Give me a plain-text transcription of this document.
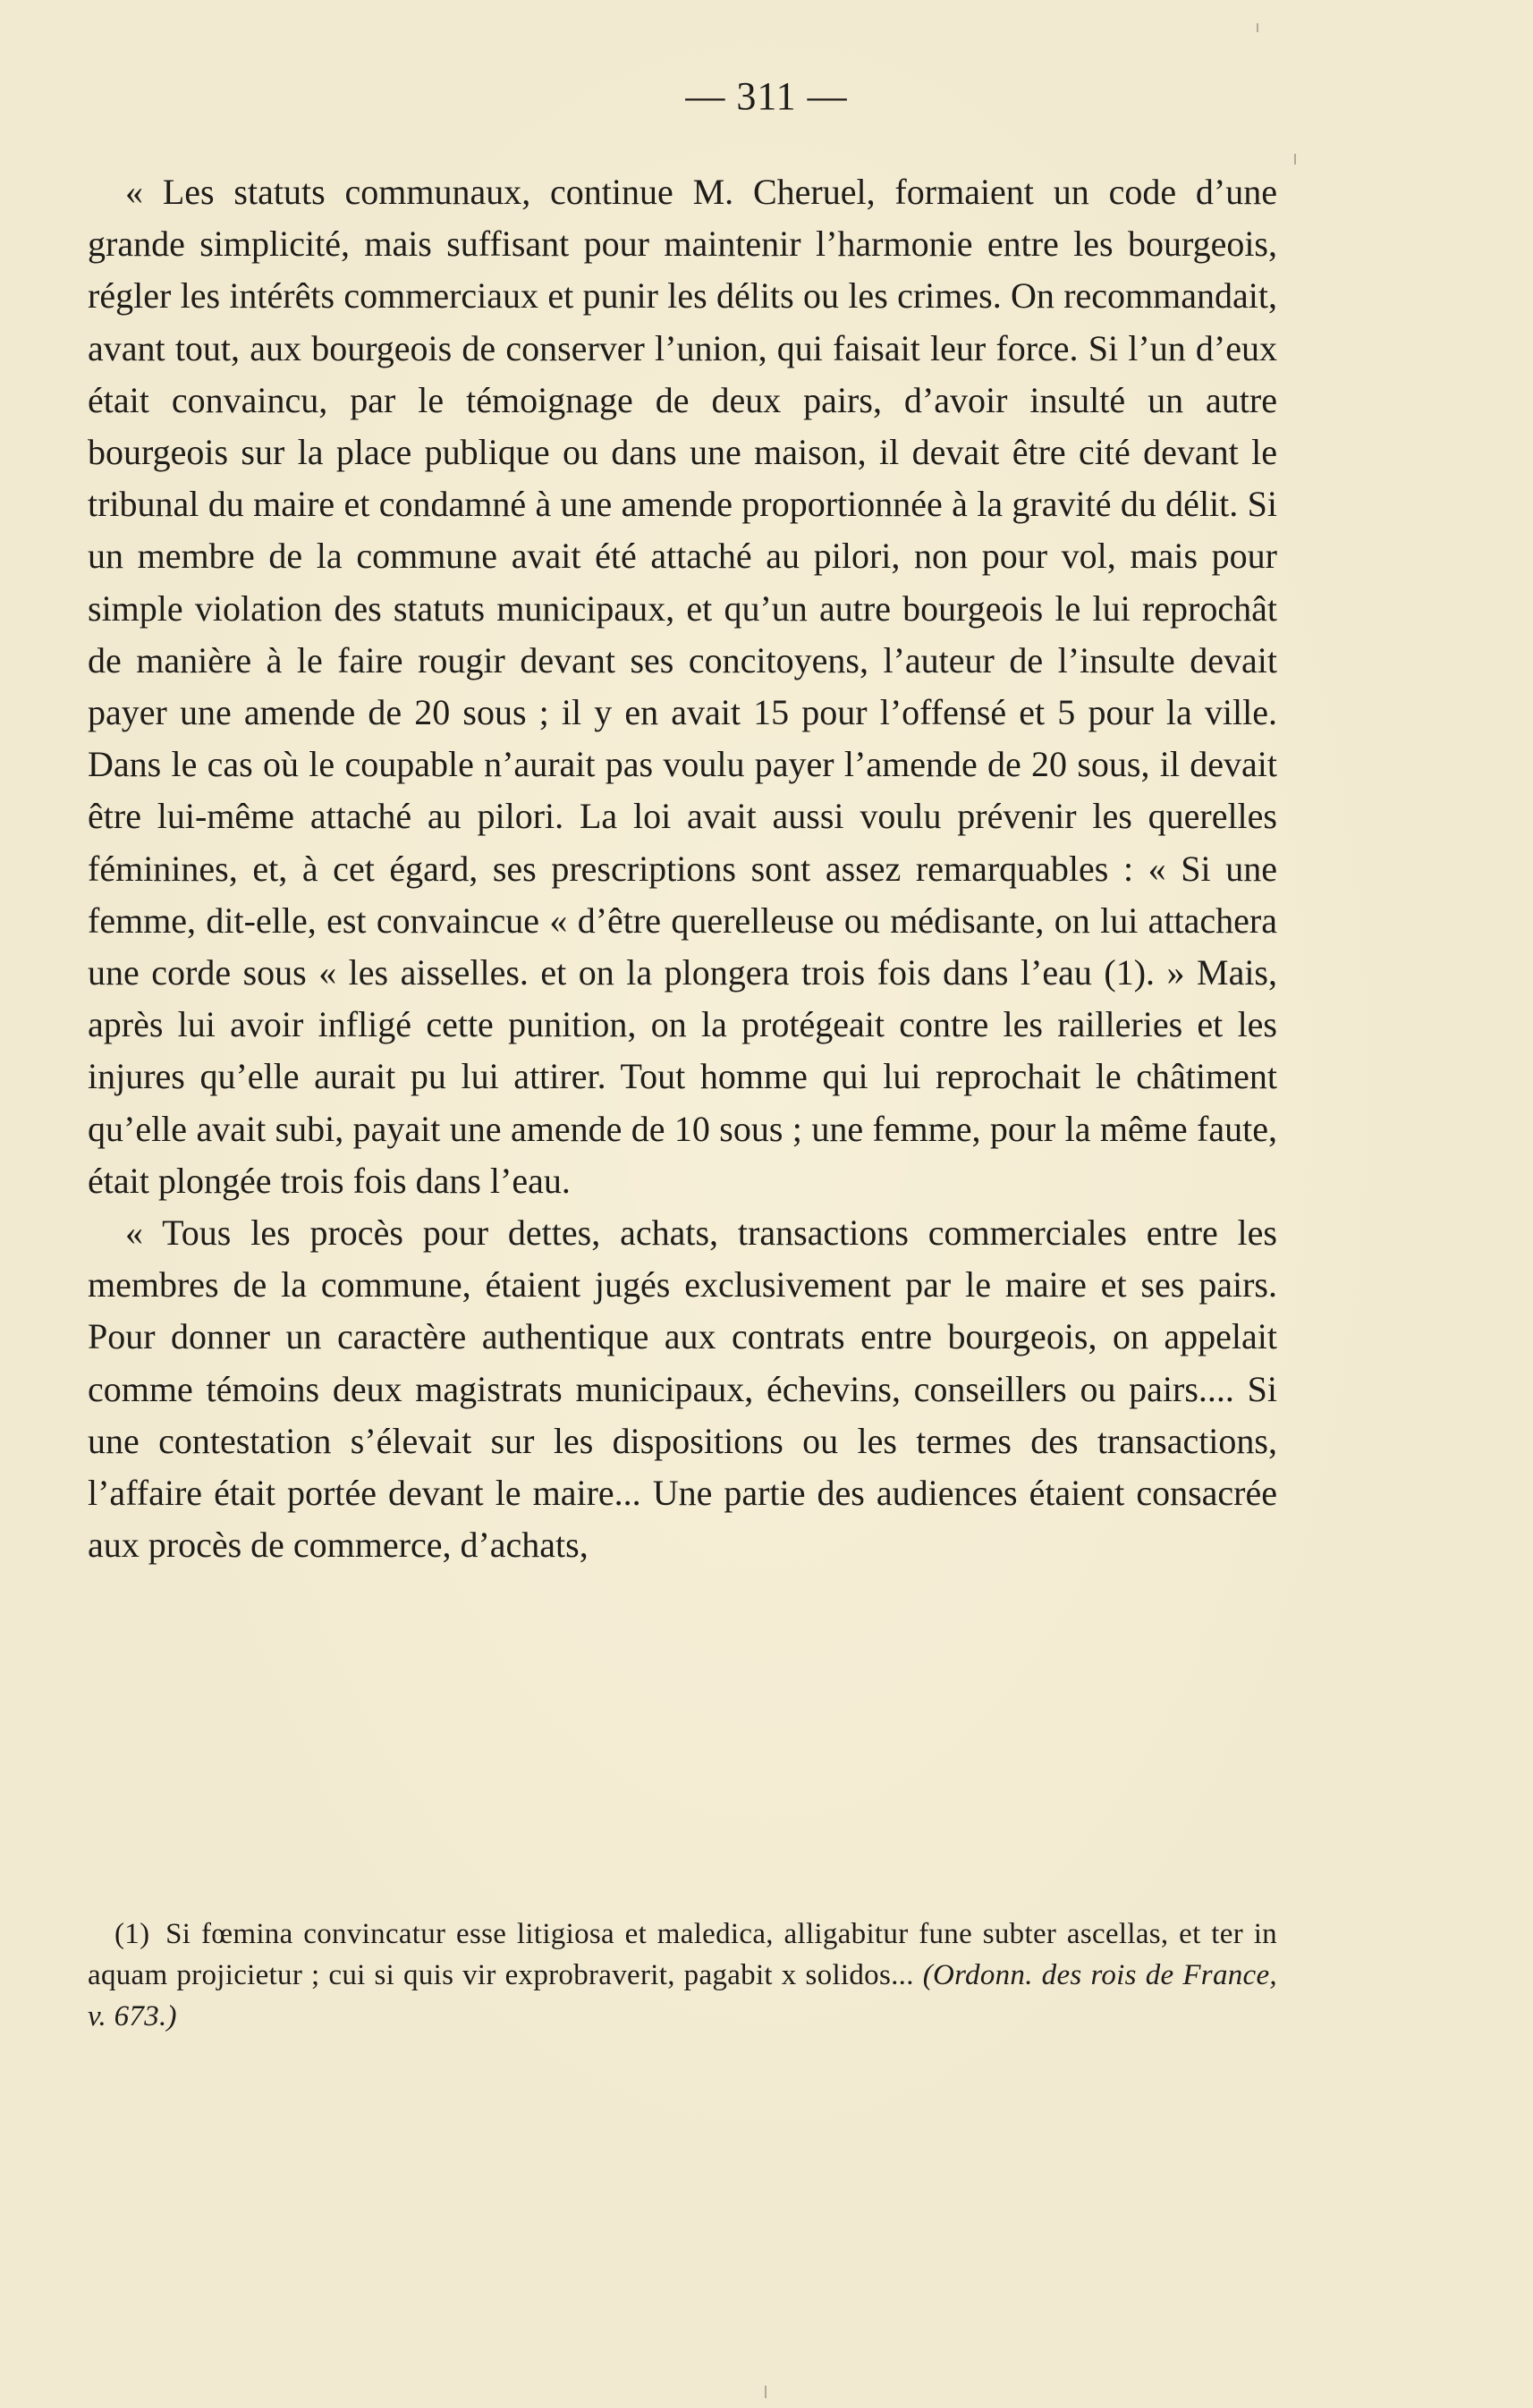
— 311 —

« Les statuts communaux, continue M. Cheruel, formaient un code d’une grande simplicité, mais suffisant pour maintenir l’harmonie entre les bourgeois, régler les intérêts commerciaux et punir les délits ou les crimes. On recommandait, avant tout, aux bourgeois de conserver l’union, qui faisait leur force. Si l’un d’eux était convaincu, par le témoignage de deux pairs, d’avoir insulté un autre bourgeois sur la place publique ou dans une maison, il devait être cité devant le tribunal du maire et condamné à une amende proportionnée à la gravité du délit. Si un membre de la commune avait été attaché au pilori, non pour vol, mais pour simple violation des statuts municipaux, et qu’un autre bourgeois le lui reprochât de manière à le faire rougir devant ses concitoyens, l’auteur de l’insulte devait payer une amende de 20 sous ; il y en avait 15 pour l’offensé et 5 pour la ville. Dans le cas où le coupable n’aurait pas voulu payer l’amende de 20 sous, il devait être lui-même attaché au pilori. La loi avait aussi voulu prévenir les querelles féminines, et, à cet égard, ses prescriptions sont assez remarquables : « Si une femme, dit-elle, est convaincue « d’être querelleuse ou médisante, on lui attachera une corde sous « les aisselles. et on la plongera trois fois dans l’eau (1). » Mais, après lui avoir infligé cette punition, on la protégeait contre les railleries et les injures qu’elle aurait pu lui attirer. Tout homme qui lui reprochait le châtiment qu’elle avait subi, payait une amende de 10 sous ; une femme, pour la même faute, était plongée trois fois dans l’eau.

« Tous les procès pour dettes, achats, transactions commerciales entre les membres de la commune, étaient jugés exclusivement par le maire et ses pairs. Pour donner un caractère authentique aux contrats entre bourgeois, on appelait comme témoins deux magistrats municipaux, échevins, conseillers ou pairs.... Si une contestation s’élevait sur les dispositions ou les termes des transactions, l’affaire était portée devant le maire... Une partie des audiences étaient consacrée aux procès de commerce, d’achats,

(1) Si fœmina convincatur esse litigiosa et maledica, alligabitur fune subter ascellas, et ter in aquam projicietur ; cui si quis vir exprobraverit, pagabit x solidos... (Ordonn. des rois de France, v. 673.)
